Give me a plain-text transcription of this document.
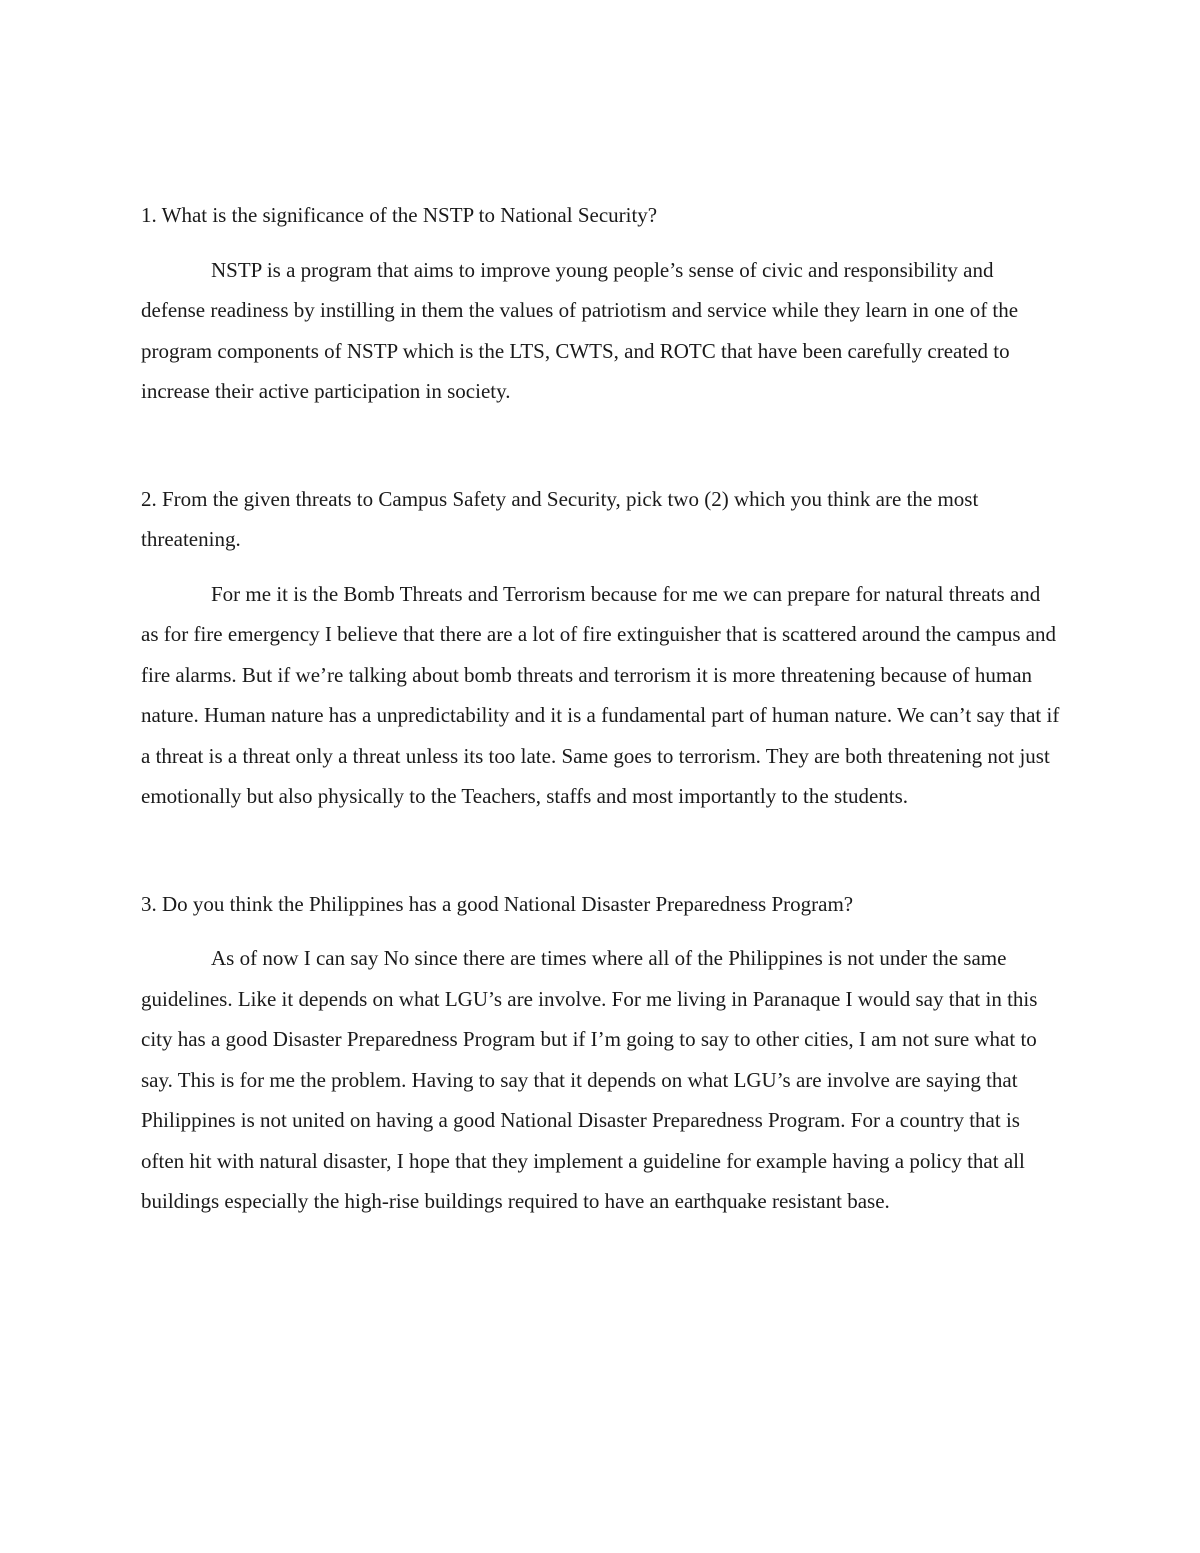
1. What is the significance of the NSTP to National Security?

NSTP is a program that aims to improve young people’s sense of civic and responsibility and defense readiness by instilling in them the values of patriotism and service while they learn in one of the program components of NSTP which is the LTS, CWTS, and ROTC that have been carefully created to increase their active participation in society.

2. From the given threats to Campus Safety and Security, pick two (2) which you think are the most threatening.

For me it is the Bomb Threats and Terrorism because for me we can prepare for natural threats and as for fire emergency I believe that there are a lot of fire extinguisher that is scattered around the campus and fire alarms. But if we’re talking about bomb threats and terrorism it is more threatening because of human nature. Human nature has a unpredictability and it is a fundamental part of human nature. We can’t say that if a threat is a threat only a threat unless its too late. Same goes to terrorism. They are both threatening not just emotionally but also physically to the Teachers, staffs and most importantly to the students.

3. Do you think the Philippines has a good National Disaster Preparedness Program?

As of now I can say No since there are times where all of the Philippines is not under the same guidelines. Like it depends on what LGU’s are involve. For me living in Paranaque I would say that in this city has a good Disaster Preparedness Program but if I’m going to say to other cities, I am not sure what to say. This is for me the problem. Having to say that it depends on what LGU’s are involve are saying that Philippines is not united on having a good National Disaster Preparedness Program. For a country that is often hit with natural disaster, I hope that they implement a guideline for example having a policy that all buildings especially the high-rise buildings required to have an earthquake resistant base.
